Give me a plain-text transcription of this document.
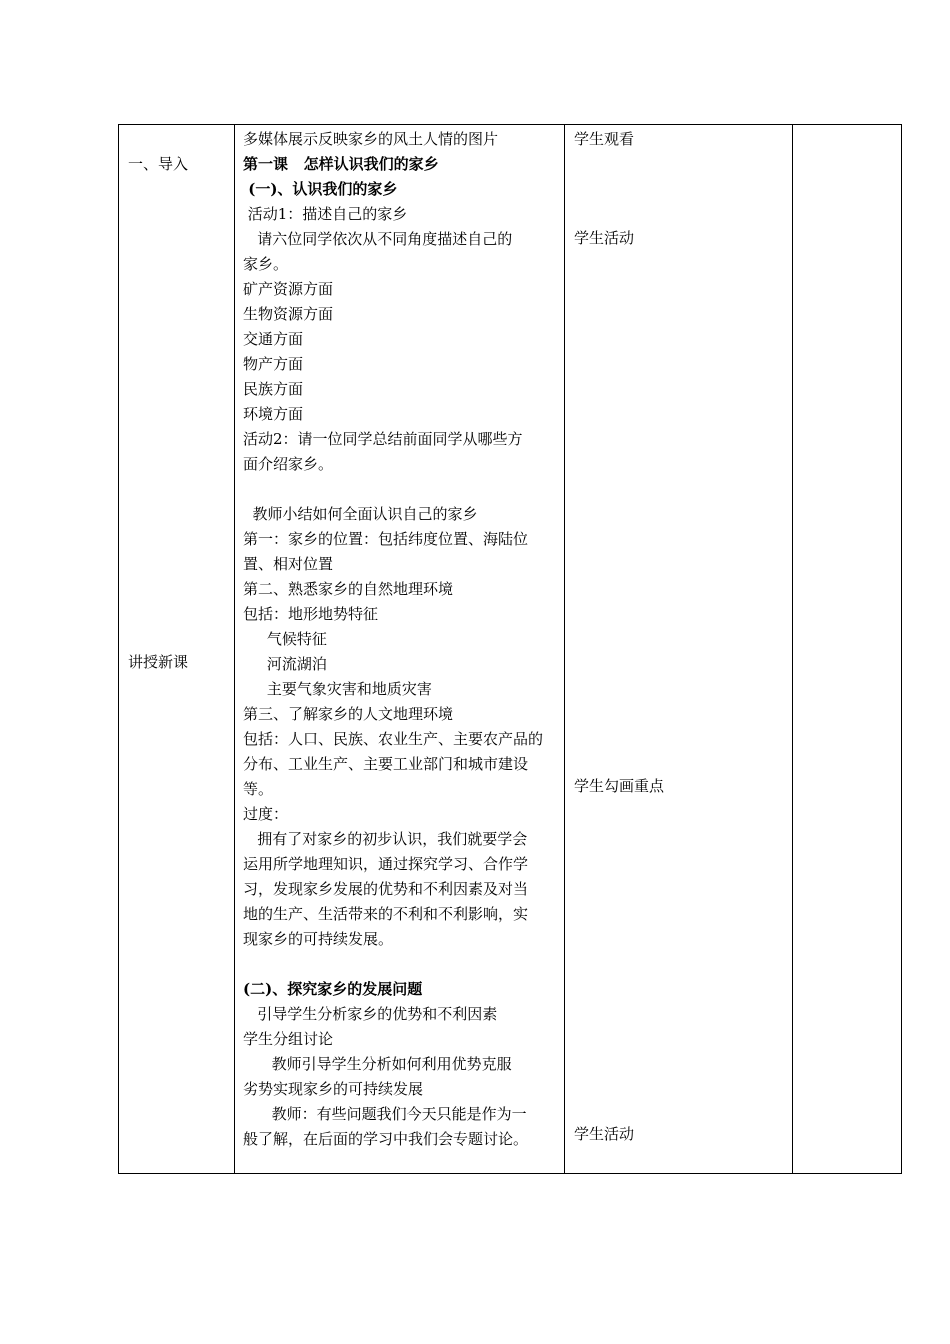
一、导入
讲授新课
多媒体展示反映家乡的风土人情的图片
第一课   怎样认识我们的家乡
(一)、认识我们的家乡
活动1：描述自己的家乡
请六位同学依次从不同角度描述自己的
家乡。
矿产资源方面
生物资源方面
交通方面
物产方面
民族方面
环境方面
活动2：请一位同学总结前面同学从哪些方
面介绍家乡。
教师小结如何全面认识自己的家乡
第一：家乡的位置：包括纬度位置、海陆位
置、相对位置
第二、熟悉家乡的自然地理环境
包括：地形地势特征
气候特征
河流湖泊
主要气象灾害和地质灾害
第三、了解家乡的人文地理环境
包括：人口、民族、农业生产、主要农产品的
分布、工业生产、主要工业部门和城市建设
等。
过度：
拥有了对家乡的初步认识，我们就要学会
运用所学地理知识，通过探究学习、合作学
习，发现家乡发展的优势和不利因素及对当
地的生产、生活带来的不利和不利影响，实
现家乡的可持续发展。
(二)、探究家乡的发展问题
引导学生分析家乡的优势和不利因素
学生分组讨论
教师引导学生分析如何利用优势克服
劣势实现家乡的可持续发展
教师：有些问题我们今天只能是作为一
般了解，在后面的学习中我们会专题讨论。
学生观看
学生活动
学生勾画重点
学生活动
